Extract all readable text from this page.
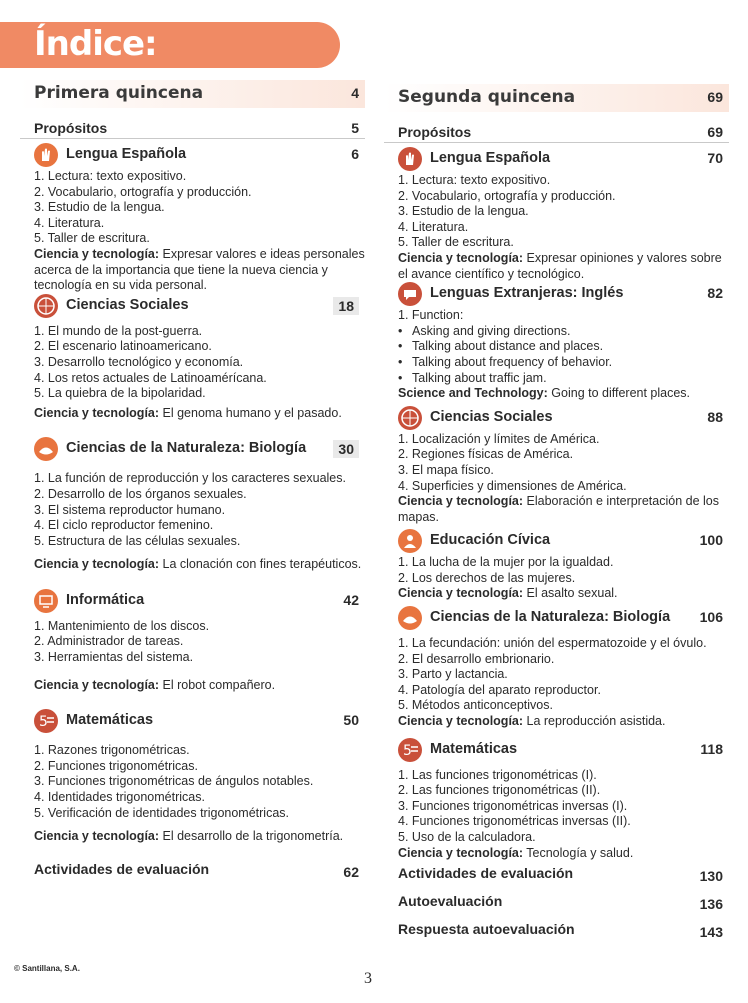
Índice:
Primera quincena	4
Propósitos	5
Lengua Española	6
1. Lectura: texto expositivo.
2. Vocabulario, ortografía y producción.
3. Estudio de la lengua.
4. Literatura.
5. Taller de escritura.
Ciencia y tecnología: Expresar valores e ideas personales acerca de la importancia que tiene la nueva ciencia y tecnología en su vida personal.
Ciencias Sociales	18
1. El mundo de la post-guerra.
2. El escenario latinoamericano.
3. Desarrollo tecnológico y economía.
4. Los retos actuales de Latinoamérícana.
5. La quiebra de la bipolaridad.
Ciencia y tecnología: El genoma humano y el pasado.
Ciencias de la Naturaleza: Biología	30
1. La función de reproducción y los caracteres sexuales.
2. Desarrollo de los órganos sexuales.
3. El sistema reproductor humano.
4. El ciclo reproductor femenino.
5. Estructura de las células sexuales.
Ciencia y tecnología: La clonación con fines terapéuticos.
Informática	42
1. Mantenimiento de los discos.
2. Administrador de tareas.
3. Herramientas del sistema.
Ciencia y tecnología: El robot compañero.
5 Matemáticas	50
1. Razones trigonométricas.
2. Funciones trigonométricas.
3. Funciones trigonométricas de ángulos notables.
4. Identidades trigonométricas.
5. Verificación de identidades trigonométricas.
Ciencia y tecnología: El desarrollo de la trigonometría.
Actividades de evaluación	62
Segunda quincena	69
Propósitos	69
Lengua Española	70
1. Lectura: texto expositivo.
2. Vocabulario, ortografía y producción.
3. Estudio de la lengua.
4. Literatura.
5. Taller de escritura.
Ciencia y tecnología: Expresar opiniones y valores sobre el avance científico y tecnológico.
Lenguas Extranjeras: Inglés	82
1. Function:
• Asking and giving directions.
• Talking about distance and places.
• Talking about frequency of behavior.
• Talking about traffic jam.
Science and Technology: Going to different places.
Ciencias Sociales	88
1. Localización y límites de América.
2. Regiones físicas de América.
3. El mapa físico.
4. Superficies y dimensiones de América.
Ciencia y tecnología: Elaboración e interpretación de los mapas.
Educación Cívica	100
1. La lucha de la mujer por la igualdad.
2. Los derechos de las mujeres.
Ciencia y tecnología: El asalto sexual.
Ciencias de la Naturaleza: Biología 106
1. La fecundación: unión del espermatozoide y el óvulo.
2. El desarrollo embrionario.
3. Parto y lactancia.
4. Patología del aparato reproductor.
5. Métodos anticonceptivos.
Ciencia y tecnología: La reproducción asistida.
5 Matemáticas	118
1. Las funciones trigonométricas (I).
2. Las funciones trigonométricas (II).
3. Funciones trigonométricas inversas (I).
4. Funciones trigonométricas inversas (II).
5. Uso de la calculadora.
Ciencia y tecnología: Tecnología y salud.
Actividades de evaluación	130
Autoevaluación	136
Respuesta autoevaluación	143
© Santillana, S.A.
3
